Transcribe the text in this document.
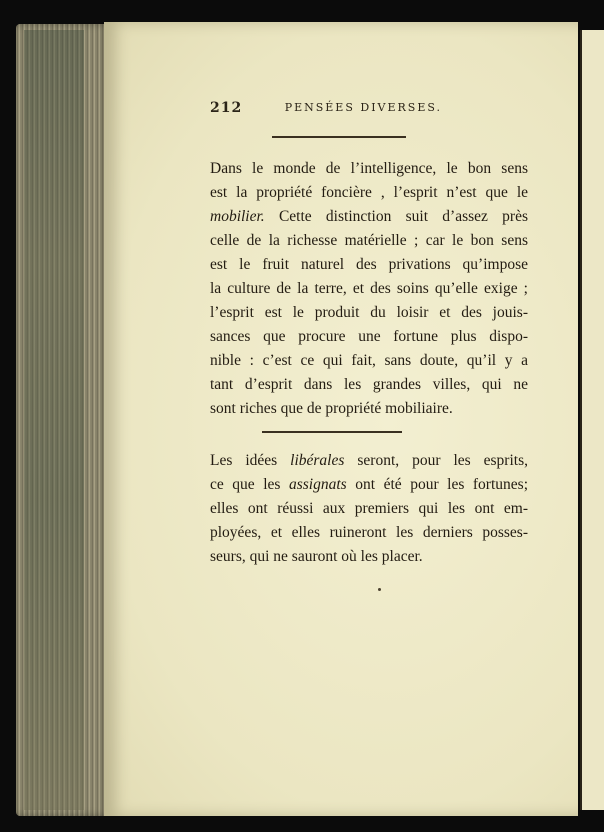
212	PENSÉES DIVERSES.
Dans le monde de l’intelligence, le bon sens
est la propriété foncière , l’esprit n’est que le
mobilier. Cette distinction suit d’assez près
celle de la richesse matérielle ; car le bon sens
est le fruit naturel des privations qu’impose
la culture de la terre, et des soins qu’elle exige ;
l’esprit est le produit du loisir et des jouis-
sances que procure une fortune plus dispo-
nible : c’est ce qui fait, sans doute, qu’il y a
tant d’esprit dans les grandes villes, qui ne
sont riches que de propriété mobiliaire.
Les idées libérales seront, pour les esprits,
ce que les assignats ont été pour les fortunes;
elles ont réussi aux premiers qui les ont em-
ployées, et elles ruineront les derniers posses-
seurs, qui ne sauront où les placer.
